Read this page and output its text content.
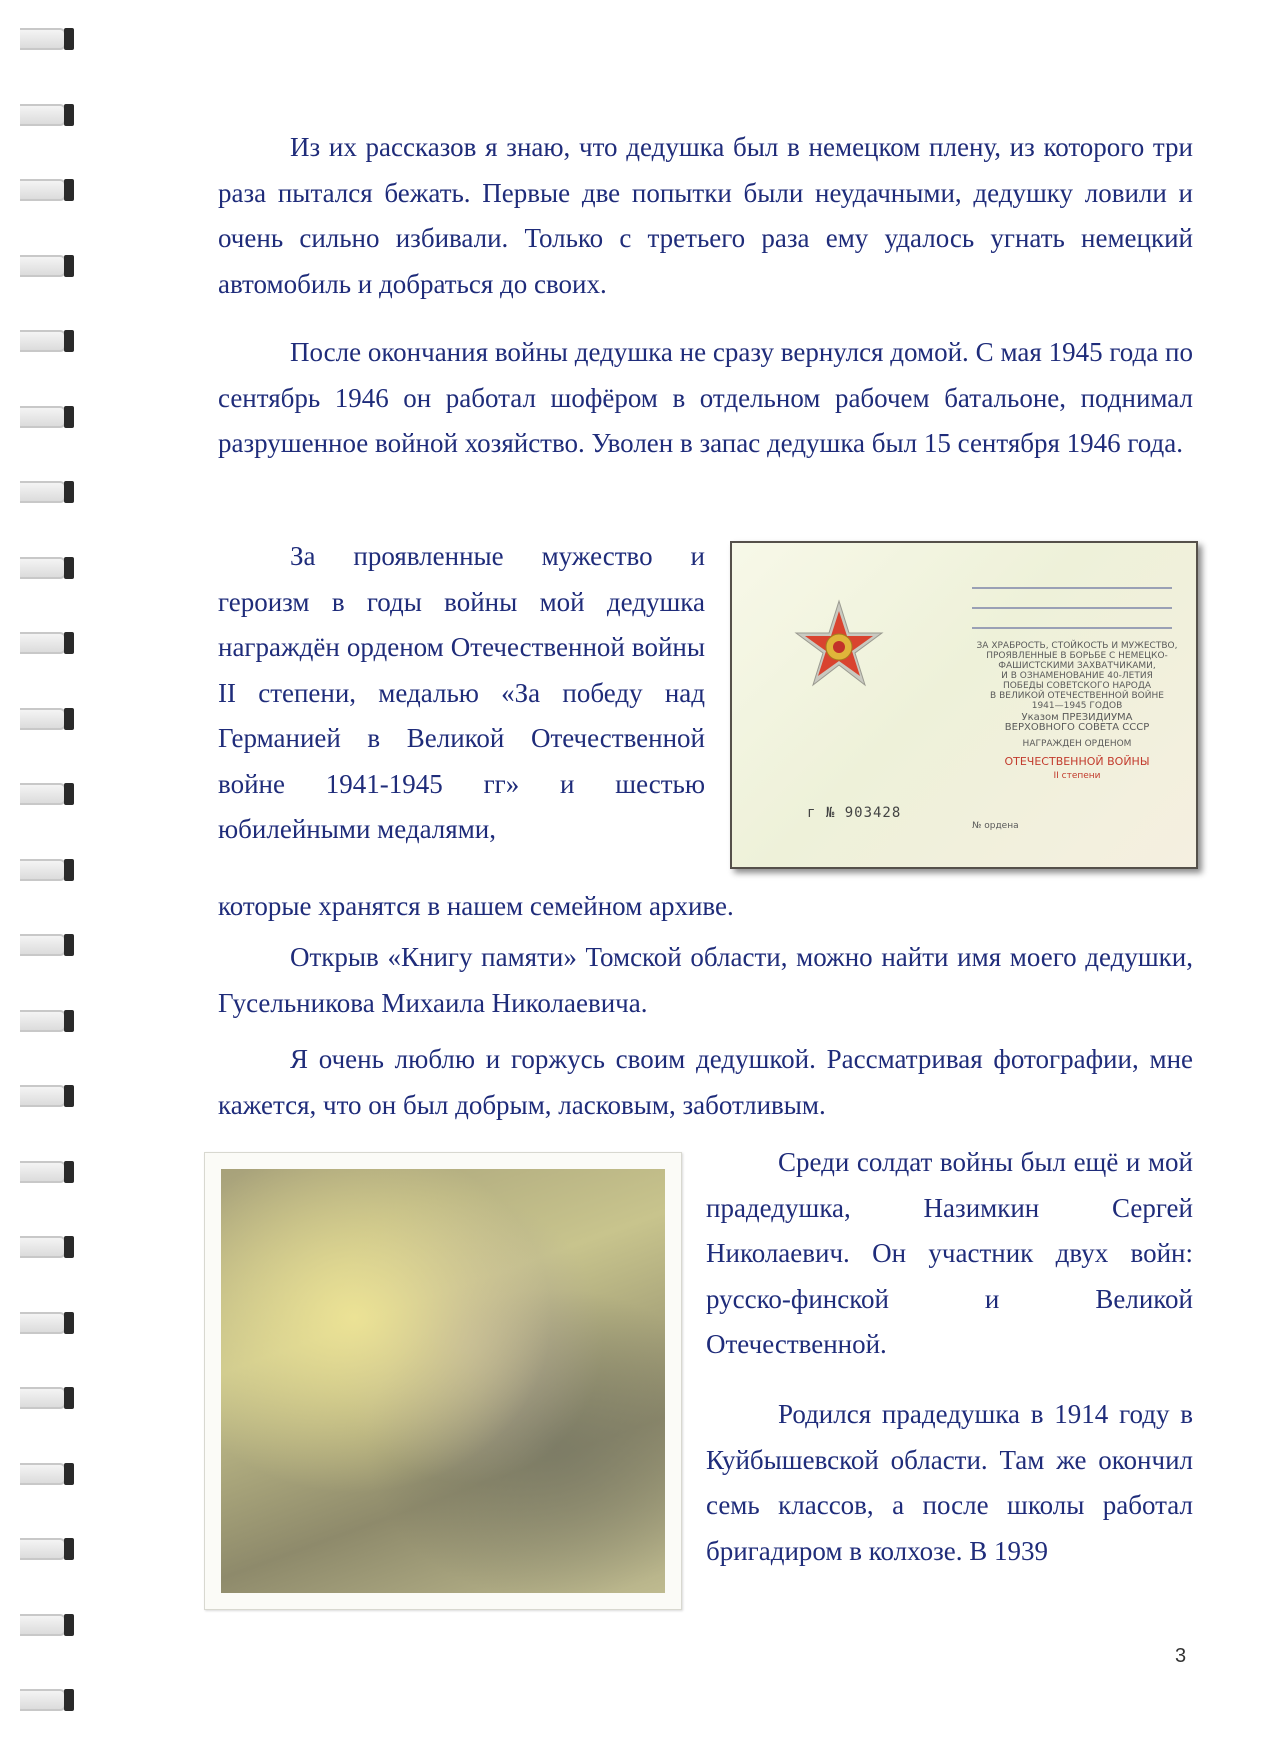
Из их рассказов я знаю, что дедушка был в немецком плену, из которого три раза пытался бежать. Первые две попытки были неудачными, дедушку ловили и очень сильно избивали. Только с третьего раза ему удалось угнать немецкий автомобиль и добраться до своих.

После окончания войны дедушка не сразу вернулся домой. С мая 1945 года по сентябрь 1946 он работал шофёром в отдельном рабочем батальоне, поднимал разрушенное войной хозяйство. Уволен в запас дедушка был 15 сентября 1946 года.

За проявленные мужество и героизм в годы войны мой дедушка награждён орденом Отечественной войны II степени, медалью «За победу над Германией в Великой Отечественной войне 1941-1945 гг» и шестью юбилейными медалями,

г № 903428
ЗА ХРАБРОСТЬ, СТОЙКОСТЬ И МУЖЕСТВО,
ПРОЯВЛЕННЫЕ В БОРЬБЕ С НЕМЕЦКО-
ФАШИСТСКИМИ ЗАХВАТЧИКАМИ,
И В ОЗНАМЕНОВАНИЕ 40-ЛЕТИЯ
ПОБЕДЫ СОВЕТСКОГО НАРОДА
В ВЕЛИКОЙ ОТЕЧЕСТВЕННОЙ ВОЙНЕ
1941—1945 ГОДОВ
Указом ПРЕЗИДИУМА
ВЕРХОВНОГО СОВЕТА СССР
НАГРАЖДЕН ОРДЕНОМ
ОТЕЧЕСТВЕННОЙ ВОЙНЫ
II степени
№ ордена

которые хранятся в нашем семейном архиве.

Открыв «Книгу памяти» Томской области, можно найти имя моего дедушки, Гусельникова Михаила Николаевича.

Я очень люблю и горжусь своим дедушкой. Рассматривая фотографии, мне кажется, что он был добрым, ласковым, заботливым.

Среди солдат войны был ещё и мой прадедушка, Назимкин Сергей Николаевич. Он участник двух войн: русско-финской и Великой Отечественной.

Родился прадедушка в 1914 году в Куйбышевской области. Там же окончил семь классов, а после школы работал бригадиром в колхозе. В 1939

3
